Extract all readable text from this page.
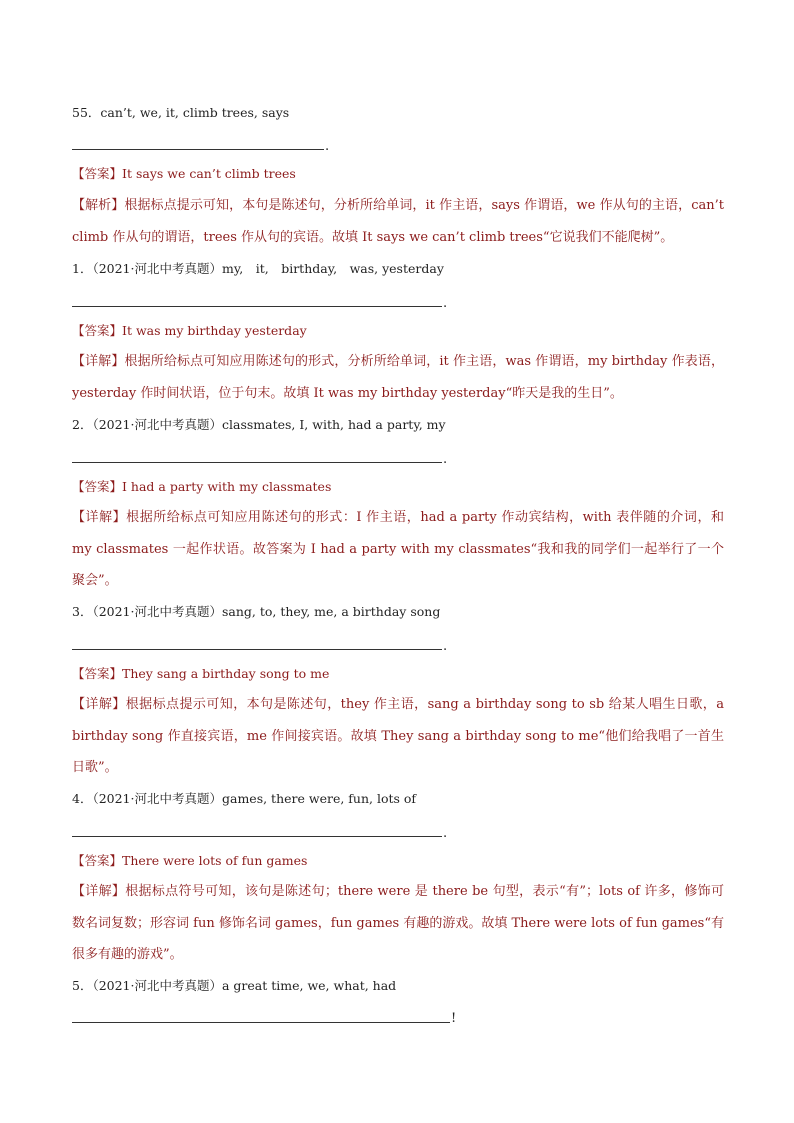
55．can’t, we, it, climb trees, says
.
【答案】It says we can’t climb trees
【解析】根据标点提示可知，本句是陈述句，分析所给单词，it 作主语，says 作谓语，we 作从句的主语，can’t climb 作从句的谓语，trees 作从句的宾语。故填 It says we can’t climb trees“它说我们不能爬树”。
1．（2021·河北中考真题）my,　it,　birthday,　was, yesterday
.
【答案】It was my birthday yesterday
【详解】根据所给标点可知应用陈述句的形式，分析所给单词，it 作主语，was 作谓语，my birthday 作表语，yesterday 作时间状语，位于句末。故填 It was my birthday yesterday“昨天是我的生日”。
2．（2021·河北中考真题）classmates, I, with, had a party, my
.
【答案】I had a party with my classmates
【详解】根据所给标点可知应用陈述句的形式：I 作主语，had a party 作动宾结构，with 表伴随的介词，和 my classmates 一起作状语。故答案为 I had a party with my classmates“我和我的同学们一起举行了一个聚会”。
3．（2021·河北中考真题）sang, to, they, me, a birthday song
.
【答案】They sang a birthday song to me
【详解】根据标点提示可知，本句是陈述句，they 作主语，sang a birthday song to sb 给某人唱生日歌，a birthday song 作直接宾语，me 作间接宾语。故填 They sang a birthday song to me“他们给我唱了一首生日歌”。
4．（2021·河北中考真题）games, there were, fun, lots of
.
【答案】There were lots of fun games
【详解】根据标点符号可知，该句是陈述句；there were 是 there be 句型，表示“有”；lots of 许多，修饰可数名词复数；形容词 fun 修饰名词 games，fun games 有趣的游戏。故填 There were lots of fun games“有很多有趣的游戏”。
5．（2021·河北中考真题）a great time, we, what, had
!
